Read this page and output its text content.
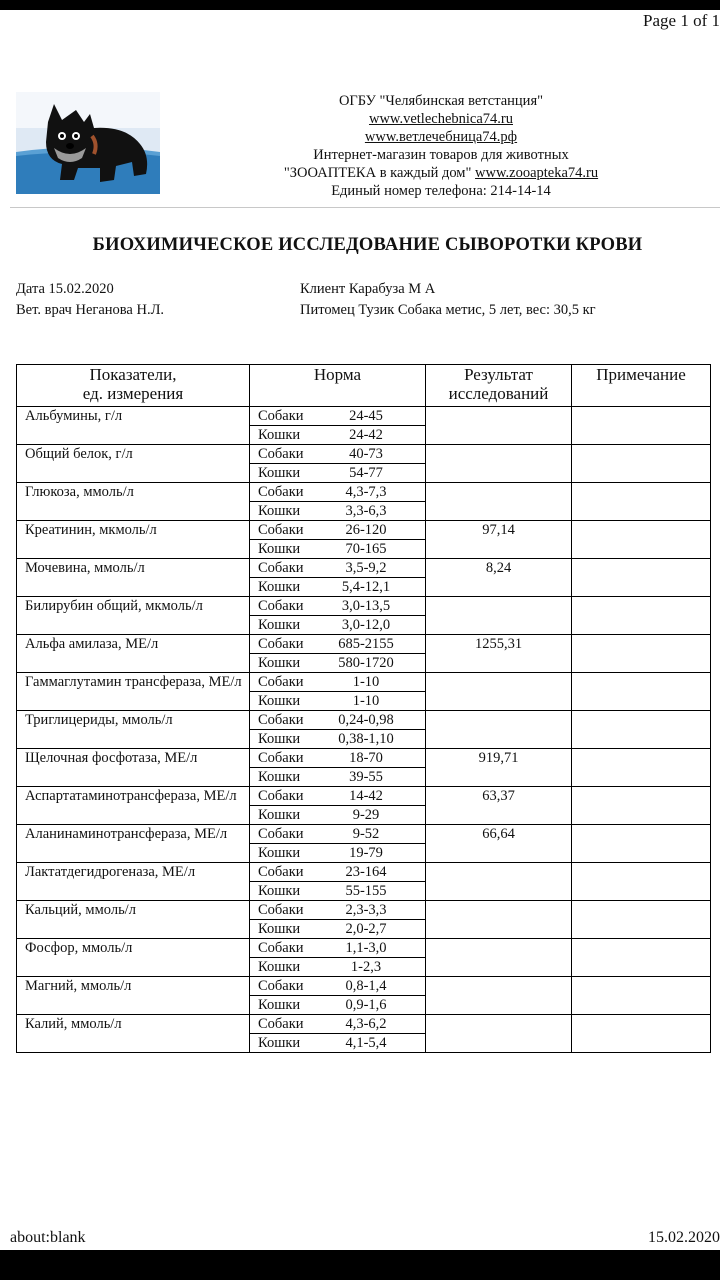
Page 1 of 1
ОГБУ "Челябинская ветстанция"
www.vetlechebnica74.ru
www.ветлечебница74.рф
Интернет-магазин товаров для животных
"ЗООАПТЕКА в каждый дом" www.zooapteka74.ru
Единый номер телефона: 214-14-14
БИОХИМИЧЕСКОЕ ИССЛЕДОВАНИЕ СЫВОРОТКИ КРОВИ
Дата 15.02.2020
Вет. врач Неганова Н.Л.
Клиент Карабуза М А
Питомец Тузик Собака метис, 5 лет, вес: 30,5 кг
Показатели,
ед. измерения	Норма	Результат
исследований	Примечание
Альбумины, г/л	Собаки 24-45		
	Кошки 24-42		
Общий белок, г/л	Собаки 40-73		
	Кошки 54-77		
Глюкоза, ммоль/л	Собаки 4,3-7,3		
	Кошки 3,3-6,3		
Креатинин, мкмоль/л	Собаки 26-120	97,14	
	Кошки 70-165		
Мочевина, ммоль/л	Собаки 3,5-9,2	8,24	
	Кошки 5,4-12,1		
Билирубин общий, мкмоль/л	Собаки 3,0-13,5		
	Кошки 3,0-12,0		
Альфа амилаза, МЕ/л	Собаки 685-2155	1255,31	
	Кошки 580-1720		
Гаммаглутамин трансфераза, МЕ/л	Собаки 1-10		
	Кошки 1-10		
Триглицериды, ммоль/л	Собаки 0,24-0,98		
	Кошки 0,38-1,10		
Щелочная фосфотаза, МЕ/л	Собаки 18-70	919,71	
	Кошки 39-55		
Аспартатаминотрансфераза, МЕ/л	Собаки 14-42	63,37	
	Кошки 9-29		
Аланинаминотрансфераза, МЕ/л	Собаки 9-52	66,64	
	Кошки 19-79		
Лактатдегидрогеназа, МЕ/л	Собаки 23-164		
	Кошки 55-155		
Кальций, ммоль/л	Собаки 2,3-3,3		
	Кошки 2,0-2,7		
Фосфор, ммоль/л	Собаки 1,1-3,0		
	Кошки 1-2,3		
Магний, ммоль/л	Собаки 0,8-1,4		
	Кошки 0,9-1,6		
Калий, ммоль/л	Собаки 4,3-6,2		
	Кошки 4,1-5,4		
about:blank	15.02.2020
